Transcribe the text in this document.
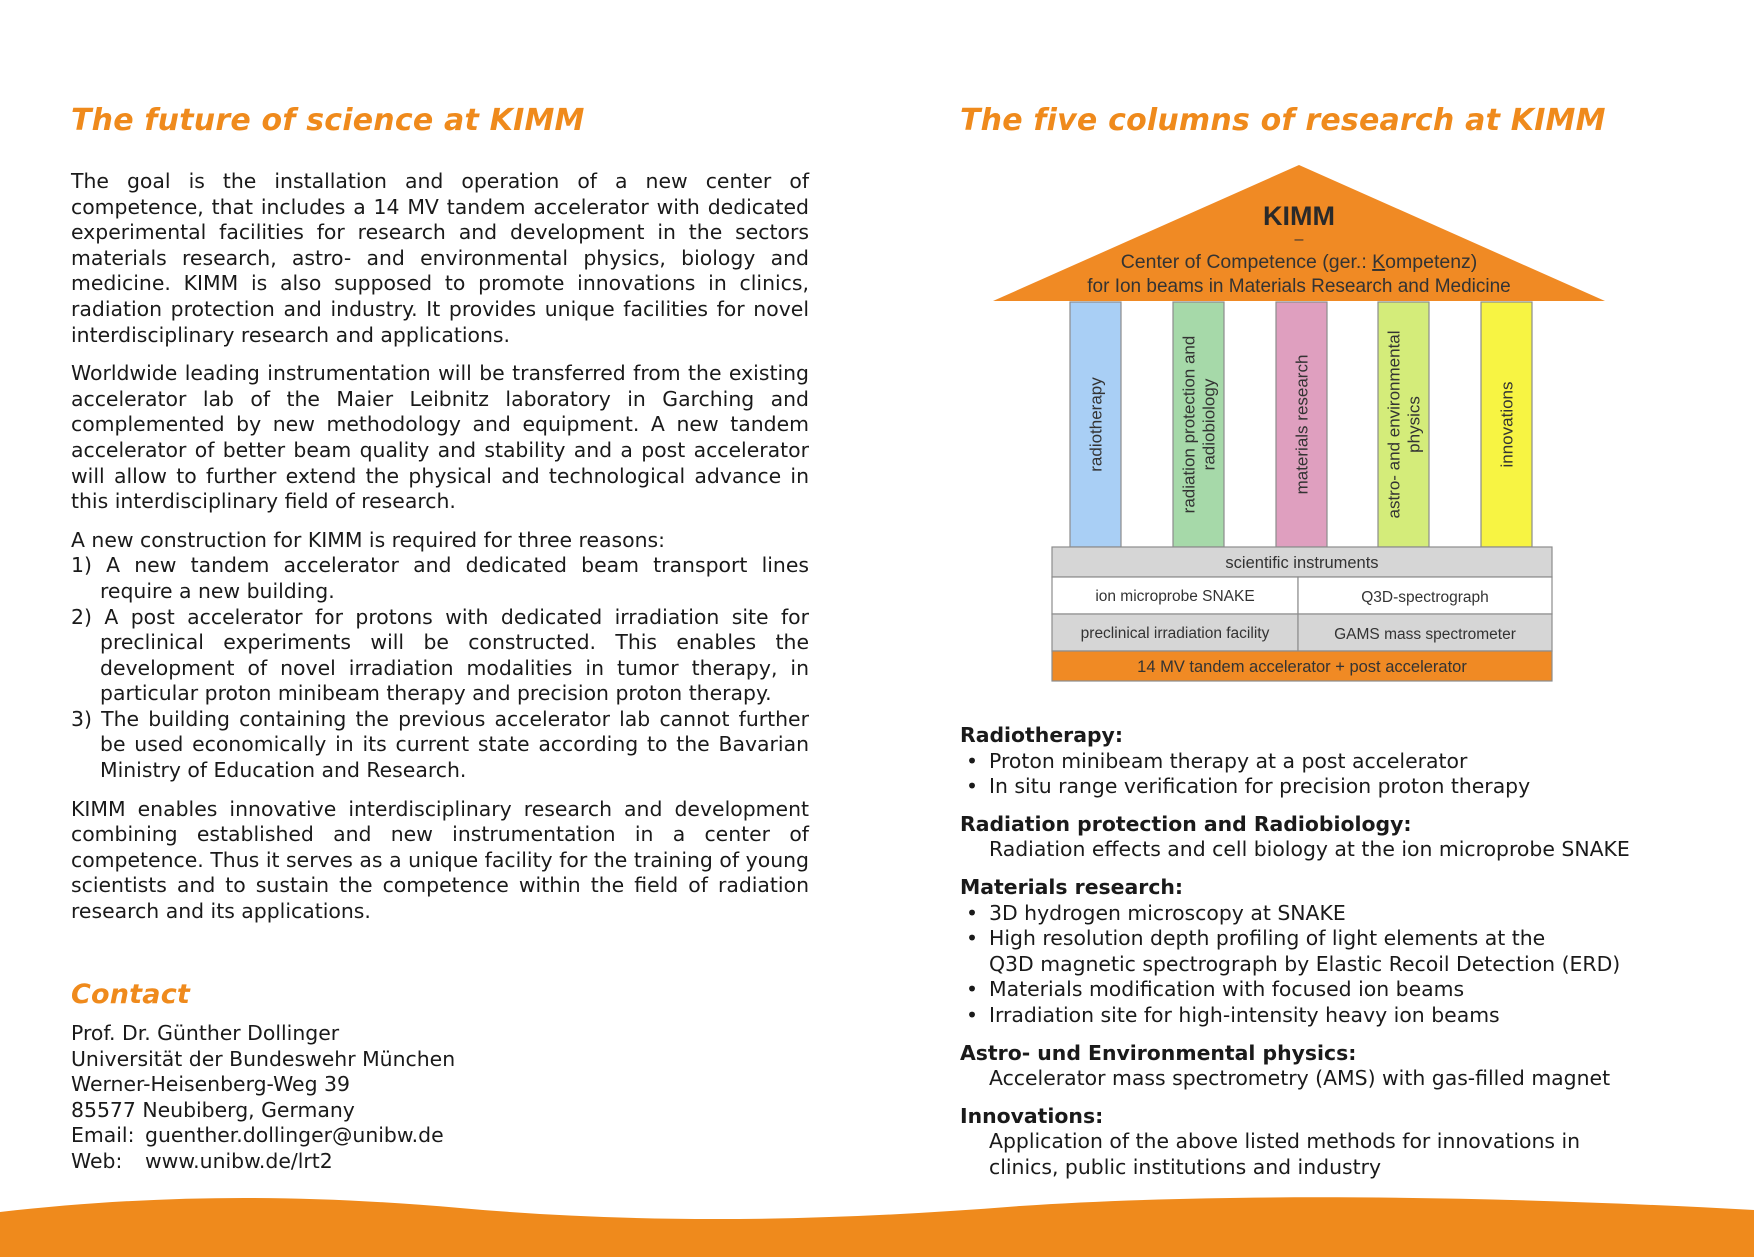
The future of science at KIMM

The goal is the installation and operation of a new center of competence, that includes a 14 MV tandem accelerator with dedicated experimental facilities for research and development in the sectors materials research, astro- and environmental physics, biology and medicine. KIMM is also supposed to promote innovations in clinics, radiation protection and industry. It provides unique facilities for novel interdisciplinary research and applications.

Worldwide leading instrumentation will be transferred from the existing accelerator lab of the Maier Leibnitz laboratory in Garching and complemented by new methodology and equipment. A new tandem accelerator of better beam quality and stability and a post accelerator will allow to further extend the physical and technological advance in this interdisciplinary field of research.

A new construction for KIMM is required for three reasons:
1) A new tandem accelerator and dedicated beam transport lines require a new building.
2) A post accelerator for protons with dedicated irradiation site for preclinical experiments will be constructed. This enables the development of novel irradiation modalities in tumor therapy, in particular proton minibeam therapy and precision proton therapy.
3) The building containing the previous accelerator lab cannot further be used economically in its current state according to the Bavarian Ministry of Education and Research.

KIMM enables innovative interdisciplinary research and development combining established and new instrumentation in a center of competence. Thus it serves as a unique facility for the training of young scientists and to sustain the competence within the field of radiation research and its applications.

Contact
Prof. Dr. Günther Dollinger
Universität der Bundeswehr München
Werner-Heisenberg-Weg 39
85577 Neubiberg, Germany
Email: guenther.dollinger@unibw.de
Web: www.unibw.de/lrt2
The five columns of research at KIMM
KIMM
–
Center of Competence (ger.: Kompetenz)
for Ion beams in Materials Research and Medicine
radiotherapy	radiation protection andradiobiology	materials research	astro- and environmentalphysics	innovations
scientific instruments
ion microprobe SNAKE	Q3D-spectrograph
preclinical irradiation facility	GAMS mass spectrometer
14 MV tandem accelerator + post accelerator
Radiotherapy:
• Proton minibeam therapy at a post accelerator
• In situ range verification for precision proton therapy
Radiation protection and Radiobiology:
Radiation effects and cell biology at the ion microprobe SNAKE
Materials research:
• 3D hydrogen microscopy at SNAKE
• High resolution depth profiling of light elements at the
Q3D magnetic spectrograph by Elastic Recoil Detection (ERD)
• Materials modification with focused ion beams
• Irradiation site for high-intensity heavy ion beams
Astro- und Environmental physics:
Accelerator mass spectrometry (AMS) with gas-filled magnet
Innovations:
Application of the above listed methods for innovations in
clinics, public institutions and industry
